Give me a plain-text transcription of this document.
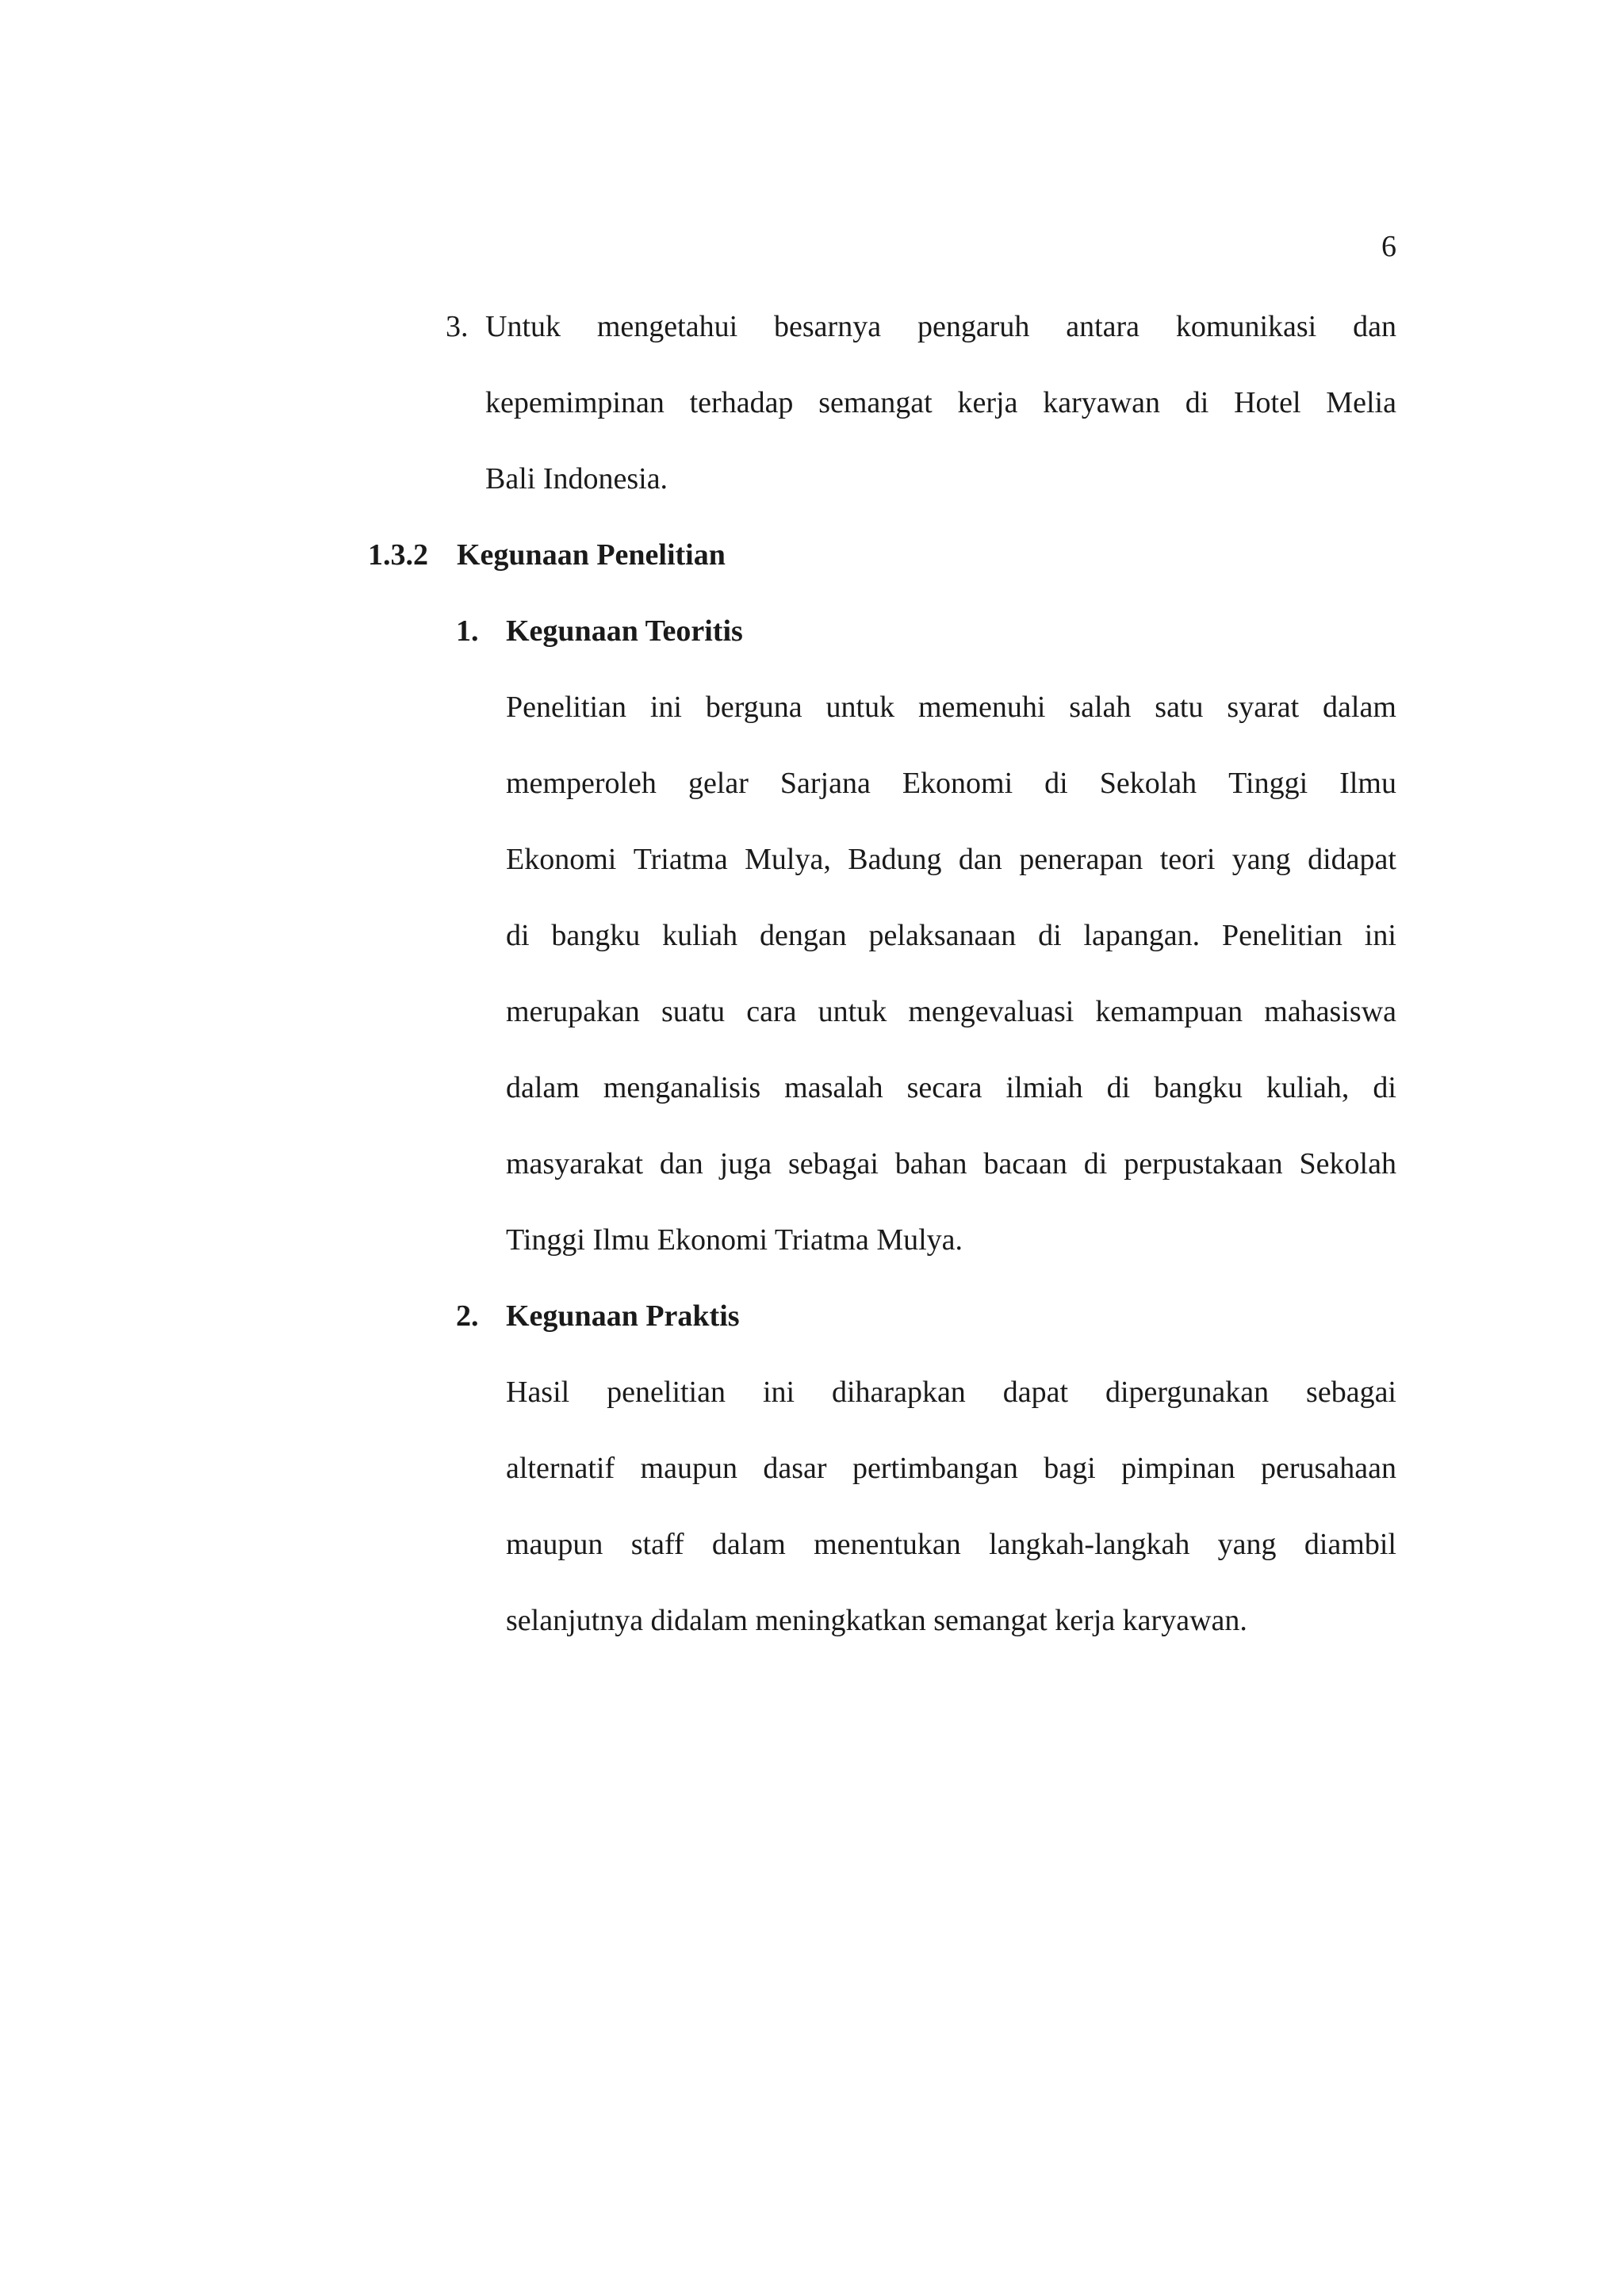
6
3. Untuk mengetahui besarnya pengaruh antara komunikasi dan
kepemimpinan terhadap semangat kerja karyawan di Hotel Melia
Bali Indonesia.
1.3.2 Kegunaan Penelitian
1. Kegunaan Teoritis
Penelitian ini berguna untuk memenuhi salah satu syarat dalam
memperoleh gelar Sarjana Ekonomi di Sekolah Tinggi Ilmu
Ekonomi Triatma Mulya, Badung dan penerapan teori yang didapat
di bangku kuliah dengan pelaksanaan di lapangan. Penelitian ini
merupakan suatu cara untuk mengevaluasi kemampuan mahasiswa
dalam menganalisis masalah secara ilmiah di bangku kuliah, di
masyarakat dan juga sebagai bahan bacaan di perpustakaan Sekolah
Tinggi Ilmu Ekonomi Triatma Mulya.
2. Kegunaan Praktis
Hasil penelitian ini diharapkan dapat dipergunakan sebagai
alternatif maupun dasar pertimbangan bagi pimpinan perusahaan
maupun staff dalam menentukan langkah-langkah yang diambil
selanjutnya didalam meningkatkan semangat kerja karyawan.
